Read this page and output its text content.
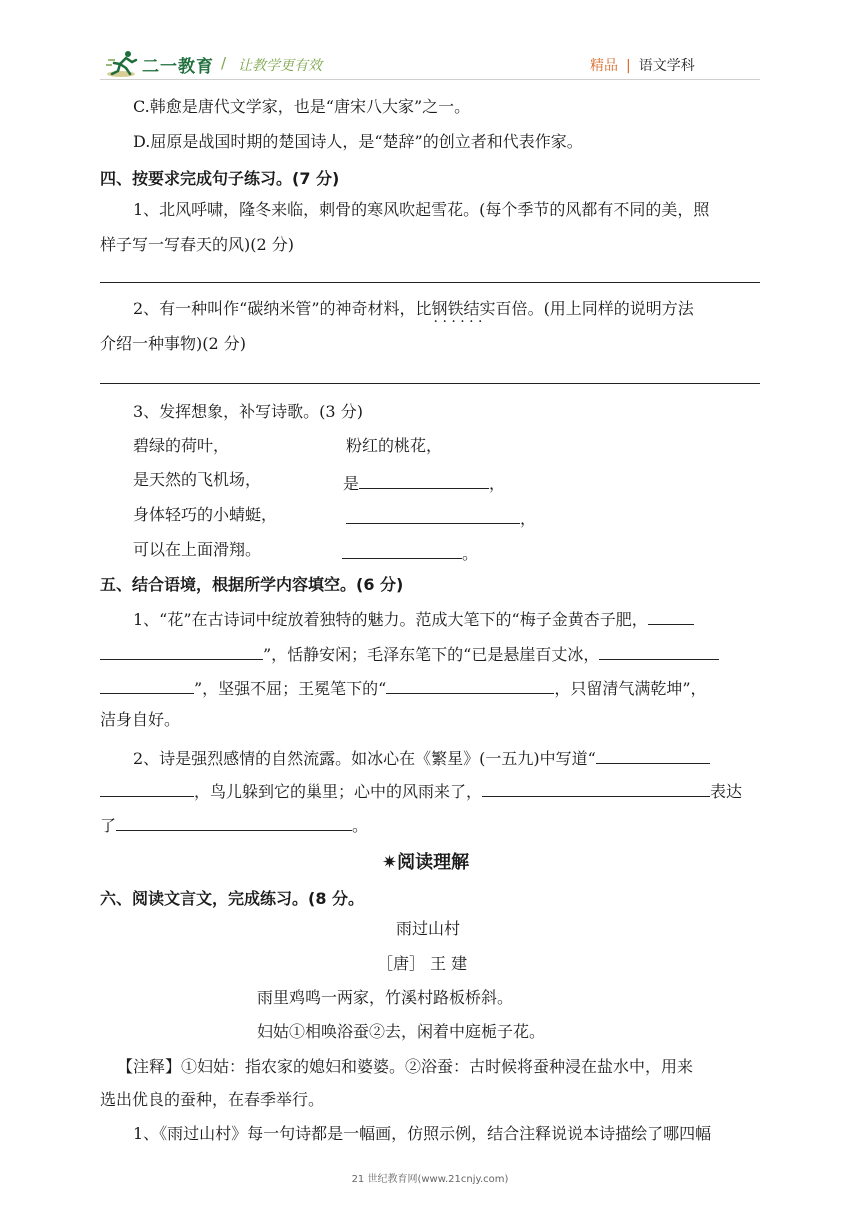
二一教育 / 让教学更有效	精品 | 语文学科
C.韩愈是唐代文学家，也是“唐宋八大家”之一。
D.屈原是战国时期的楚国诗人，是“楚辞”的创立者和代表作家。
四、按要求完成句子练习。(7 分)
1、北风呼啸，隆冬来临，刺骨的寒风吹起雪花。(每个季节的风都有不同的美，照
样子写一写春天的风)(2 分)
2、有一种叫作“碳纳米管”的神奇材料，比钢铁结实百倍 · ·。(用上同样的说明方法
介绍一种事物)(2 分)
3、发挥想象，补写诗歌。(3 分)
碧绿的荷叶，	粉红的桃花，
是天然的飞机场，	是	，
身体轻巧的小蜻蜓，	，
可以在上面滑翔。	。
五、结合语境，根据所学内容填空。(6 分)
1、“花”在古诗词中绽放着独特的魅力。范成大笔下的“梅子金黄杏子肥，
”，恬静安闲；毛泽东笔下的“已是悬崖百丈冰，
”，坚强不屈；王冕笔下的“	，只留清气满乾坤”，
洁身自好。
2、诗是强烈感情的自然流露。如冰心在《繁星》(一五九)中写道“
，鸟儿躲到它的巢里；心中的风雨来了，	表达
了	。
✷阅读理解
六、阅读文言文，完成练习。(8 分。
雨过山村
［唐］ 王 建
雨里鸡鸣一两家，竹溪村路板桥斜。
妇姑①相唤浴蚕②去，闲着中庭栀子花。
【注释】①妇姑：指农家的媳妇和婆婆。②浴蚕：古时候将蚕种浸在盐水中，用来
选出优良的蚕种，在春季举行。
1、《雨过山村》每一句诗都是一幅画，仿照示例，结合注释说说本诗描绘了哪四幅
21 世纪教育网(www.21cnjy.com)
